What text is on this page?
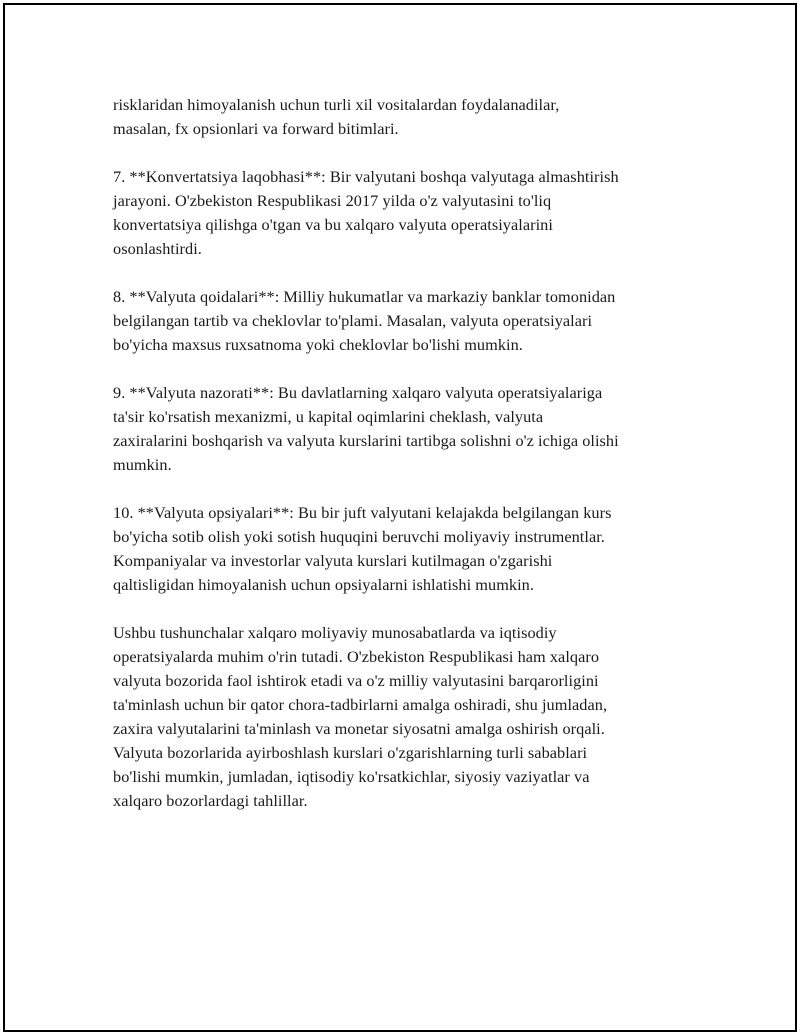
risklaridan himoyalanish uchun turli xil vositalardan foydalanadilar,
masalan, fx opsionlari va forward bitimlari.

7. **Konvertatsiya laqobhasi**: Bir valyutani boshqa valyutaga almashtirish
jarayoni. O'zbekiston Respublikasi 2017 yilda o'z valyutasini to'liq
konvertatsiya qilishga o'tgan va bu xalqaro valyuta operatsiyalarini
osonlashtirdi.

8. **Valyuta qoidalari**: Milliy hukumatlar va markaziy banklar tomonidan
belgilangan tartib va cheklovlar to'plami. Masalan, valyuta operatsiyalari
bo'yicha maxsus ruxsatnoma yoki cheklovlar bo'lishi mumkin.

9. **Valyuta nazorati**: Bu davlatlarning xalqaro valyuta operatsiyalariga
ta'sir ko'rsatish mexanizmi, u kapital oqimlarini cheklash, valyuta
zaxiralarini boshqarish va valyuta kurslarini tartibga solishni o'z ichiga olishi
mumkin.

10. **Valyuta opsiyalari**: Bu bir juft valyutani kelajakda belgilangan kurs
bo'yicha sotib olish yoki sotish huquqini beruvchi moliyaviy instrumentlar.
Kompaniyalar va investorlar valyuta kurslari kutilmagan o'zgarishi
qaltisligidan himoyalanish uchun opsiyalarni ishlatishi mumkin.

Ushbu tushunchalar xalqaro moliyaviy munosabatlarda va iqtisodiy
operatsiyalarda muhim o'rin tutadi. O'zbekiston Respublikasi ham xalqaro
valyuta bozorida faol ishtirok etadi va o'z milliy valyutasini barqarorligini
ta'minlash uchun bir qator chora-tadbirlarni amalga oshiradi, shu jumladan,
zaxira valyutalarini ta'minlash va monetar siyosatni amalga oshirish orqali.
Valyuta bozorlarida ayirboshlash kurslari o'zgarishlarning turli sabablari
bo'lishi mumkin, jumladan, iqtisodiy ko'rsatkichlar, siyosiy vaziyatlar va
xalqaro bozorlardagi tahlillar.
